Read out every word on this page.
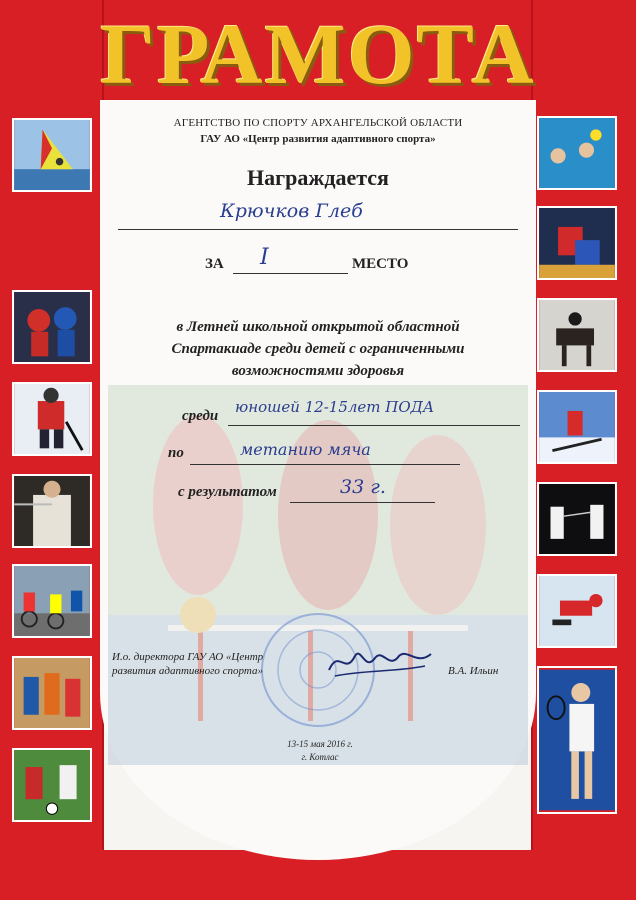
ГРАМОТА
АГЕНТСТВО ПО СПОРТУ АРХАНГЕЛЬСКОЙ ОБЛАСТИ
ГАУ АО «Центр развития адаптивного спорта»
Награждается
Крючков Глеб
ЗА I	МЕСТО
в Летней школьной открытой областной
Спартакиаде среди детей с ограниченными
возможностями здоровья
среди юношей 12-15лет ПОДА
по	метанию мяча
с результатом	33 г.
И.о. директора ГАУ АО «Центр
развития адаптивного спорта»	В.А. Ильин
13-15 мая 2016 г.
г. Котлас
